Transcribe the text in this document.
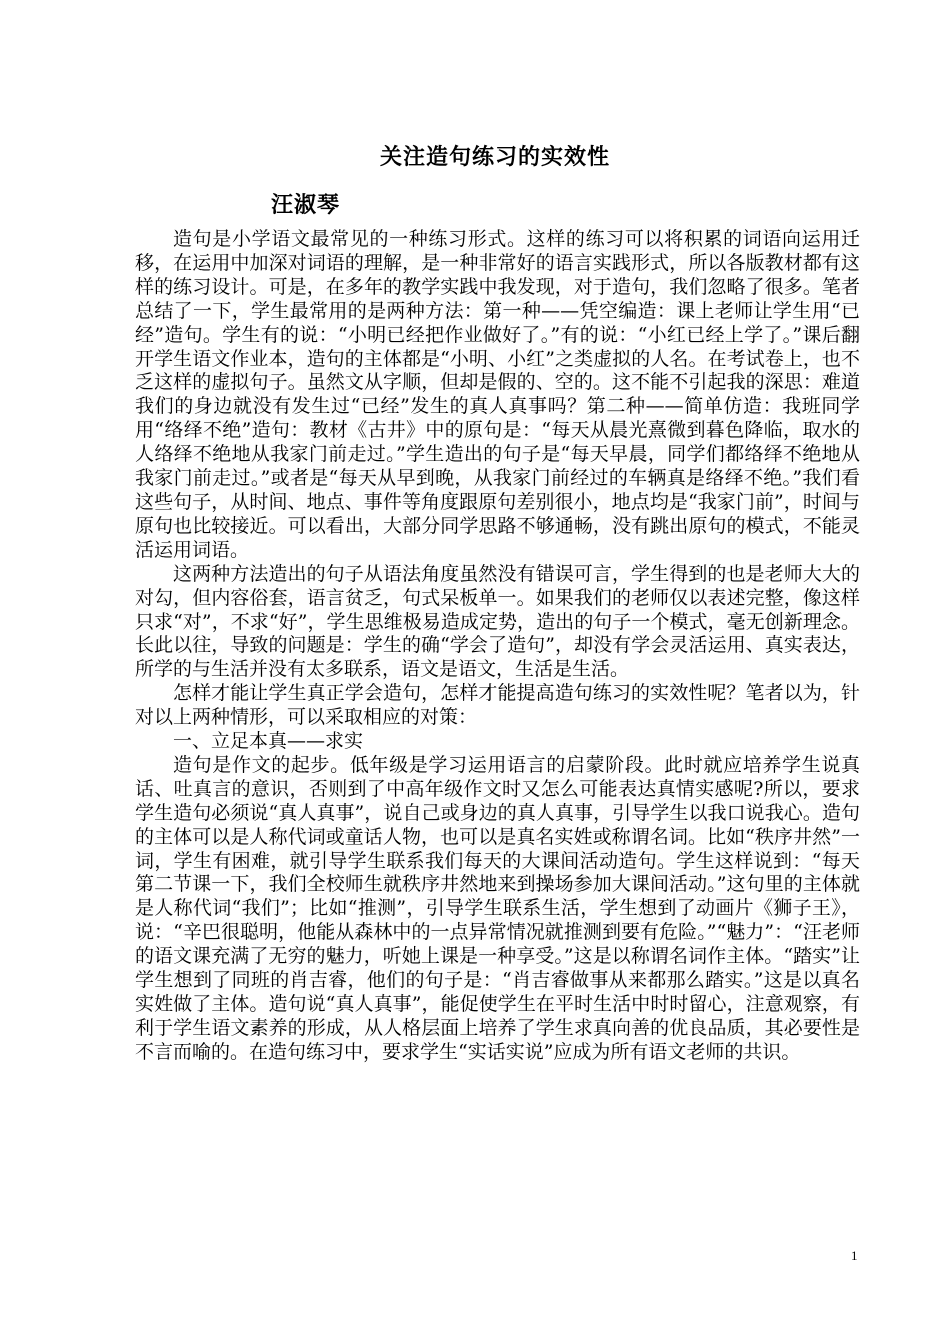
关注造句练习的实效性
汪淑琴

造句是小学语文最常见的一种练习形式。这样的练习可以将积累的词语向运用迁移，在运用中加深对词语的理解，是一种非常好的语言实践形式，所以各版教材都有这样的练习设计。可是，在多年的教学实践中我发现，对于造句，我们忽略了很多。笔者总结了一下，学生最常用的是两种方法：第一种——凭空编造：课上老师让学生用“已经”造句。学生有的说：“小明已经把作业做好了。”有的说：“小红已经上学了。”课后翻开学生语文作业本，造句的主体都是“小明、小红”之类虚拟的人名。在考试卷上，也不乏这样的虚拟句子。虽然文从字顺，但却是假的、空的。这不能不引起我的深思：难道我们的身边就没有发生过“已经”发生的真人真事吗？第二种——简单仿造：我班同学用“络绎不绝”造句：教材《古井》中的原句是：“每天从晨光熹微到暮色降临，取水的人络绎不绝地从我家门前走过。”学生造出的句子是“每天早晨，同学们都络绎不绝地从我家门前走过。”或者是“每天从早到晚，从我家门前经过的车辆真是络绎不绝。”我们看这些句子，从时间、地点、事件等角度跟原句差别很小，地点均是“我家门前”，时间与原句也比较接近。可以看出，大部分同学思路不够通畅，没有跳出原句的模式，不能灵活运用词语。

这两种方法造出的句子从语法角度虽然没有错误可言，学生得到的也是老师大大的对勾，但内容俗套，语言贫乏，句式呆板单一。如果我们的老师仅以表述完整，像这样只求“对”，不求“好”，学生思维极易造成定势，造出的句子一个模式，毫无创新理念。长此以往，导致的问题是：学生的确“学会了造句”，却没有学会灵活运用、真实表达，所学的与生活并没有太多联系，语文是语文，生活是生活。

怎样才能让学生真正学会造句，怎样才能提高造句练习的实效性呢？笔者以为，针对以上两种情形，可以采取相应的对策：

一、立足本真——求实

造句是作文的起步。低年级是学习运用语言的启蒙阶段。此时就应培养学生说真话、吐真言的意识，否则到了中高年级作文时又怎么可能表达真情实感呢?所以，要求学生造句必须说“真人真事”，说自己或身边的真人真事，引导学生以我口说我心。造句的主体可以是人称代词或童话人物，也可以是真名实姓或称谓名词。比如“秩序井然”一词，学生有困难，就引导学生联系我们每天的大课间活动造句。学生这样说到：“每天第二节课一下，我们全校师生就秩序井然地来到操场参加大课间活动。”这句里的主体就是人称代词“我们”；比如“推测”，引导学生联系生活，学生想到了动画片《狮子王》，说：“辛巴很聪明，他能从森林中的一点异常情况就推测到要有危险。”“魅力”：“汪老师的语文课充满了无穷的魅力，听她上课是一种享受。”这是以称谓名词作主体。“踏实”让学生想到了同班的肖吉睿，他们的句子是：“肖吉睿做事从来都那么踏实。”这是以真名实姓做了主体。造句说“真人真事”，能促使学生在平时生活中时时留心，注意观察，有利于学生语文素养的形成，从人格层面上培养了学生求真向善的优良品质，其必要性是不言而喻的。在造句练习中，要求学生“实话实说”应成为所有语文老师的共识。

1
